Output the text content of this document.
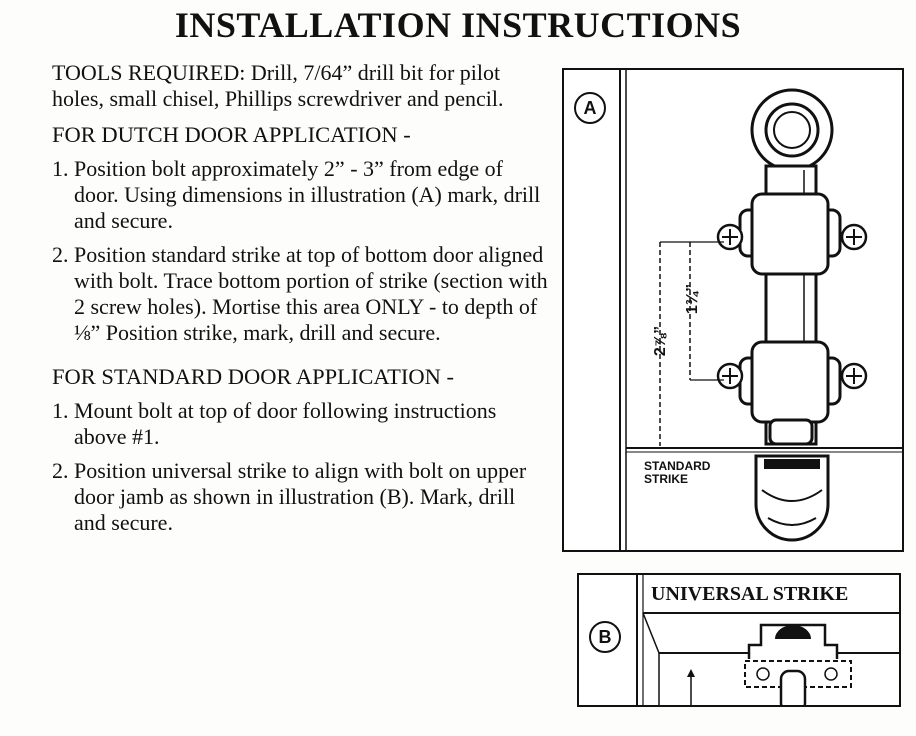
INSTALLATION INSTRUCTIONS

TOOLS REQUIRED: Drill, 7/64” drill bit for pilot holes, small chisel, Phillips screwdriver and pencil.

FOR DUTCH DOOR APPLICATION -
1. Position bolt approximately 2” - 3” from edge of door. Using dimensions in illustration (A) mark, drill and secure.
2. Position standard strike at top of bottom door aligned with bolt. Trace bottom portion of strike (section with 2 screw holes). Mortise this area ONLY - to depth of   ⅛” Position strike, mark, drill and secure.
FOR STANDARD DOOR APPLICATION -
1. Mount bolt at top of door following instructions above #1.
2. Position universal strike to align with bolt on upper door jamb as shown in illustration (B). Mark, drill and secure.
A
2⅞”
1¾”
STANDARD
STRIKE
UNIVERSAL STRIKE
B
